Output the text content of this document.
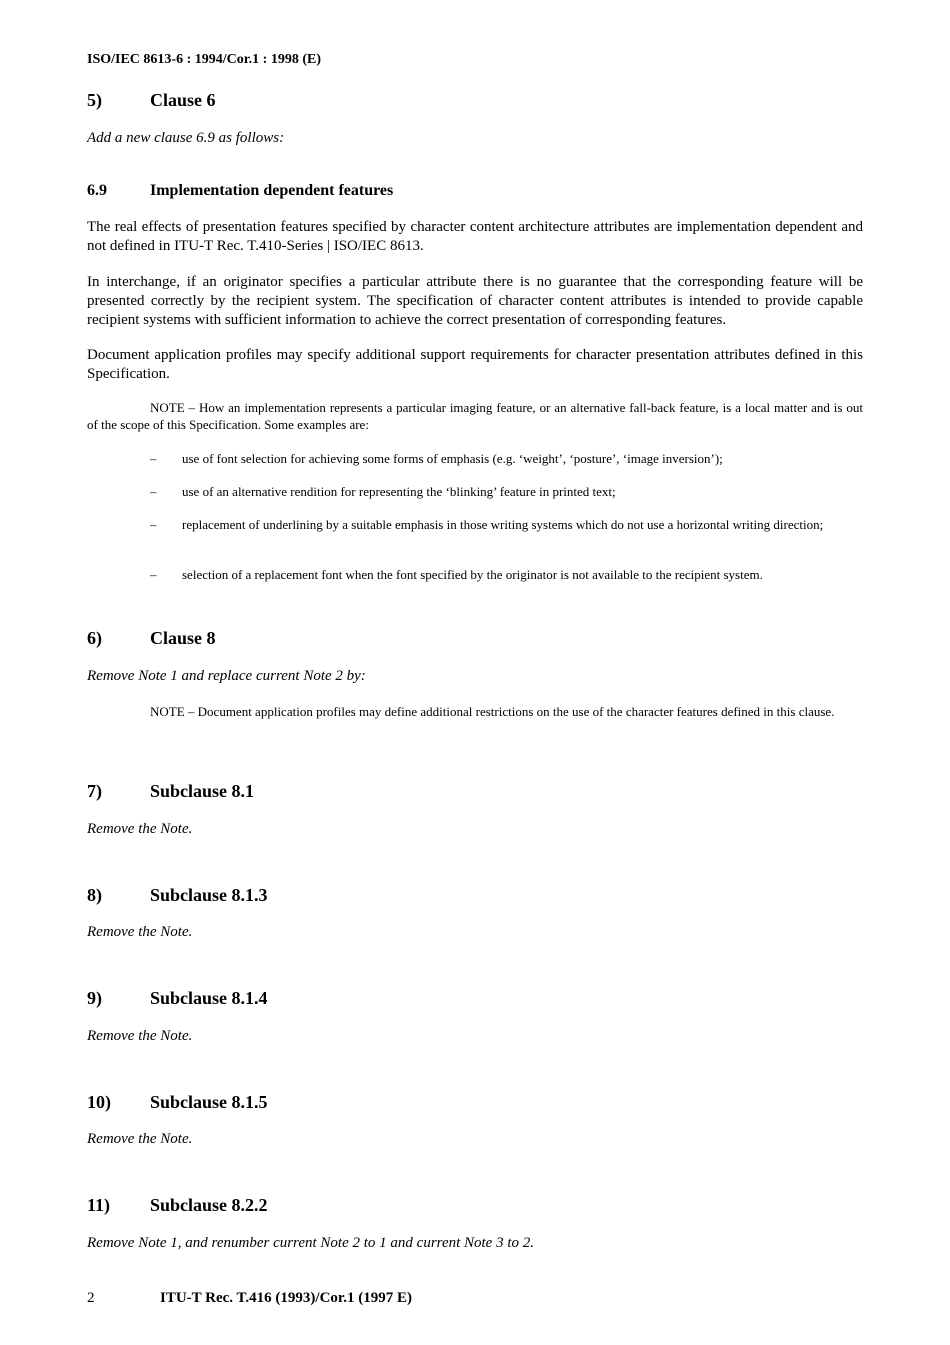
ISO/IEC 8613-6 : 1994/Cor.1 : 1998 (E)
5)	Clause 6
Add a new clause 6.9 as follows:
6.9	Implementation dependent features
The real effects of presentation features specified by character content architecture attributes are implementation dependent and not defined in ITU-T Rec. T.410-Series | ISO/IEC 8613.
In interchange, if an originator specifies a particular attribute there is no guarantee that the corresponding feature will be presented correctly by the recipient system. The specification of character content attributes is intended to provide capable recipient systems with sufficient information to achieve the correct presentation of corresponding features.
Document application profiles may specify additional support requirements for character presentation attributes defined in this Specification.
NOTE – How an implementation represents a particular imaging feature, or an alternative fall-back feature, is a local matter and is out of the scope of this Specification. Some examples are:
– use of font selection for achieving some forms of emphasis (e.g. ‘weight’, ‘posture’, ‘image inversion’);
– use of an alternative rendition for representing the ‘blinking’ feature in printed text;
– replacement of underlining by a suitable emphasis in those writing systems which do not use a horizontal writing direction;
– selection of a replacement font when the font specified by the originator is not available to the recipient system.
6)	Clause 8
Remove Note 1 and replace current Note 2 by:
NOTE – Document application profiles may define additional restrictions on the use of the character features defined in this clause.
7)	Subclause 8.1
Remove the Note.
8)	Subclause 8.1.3
Remove the Note.
9)	Subclause 8.1.4
Remove the Note.
10) Subclause 8.1.5
Remove the Note.
11) Subclause 8.2.2
Remove Note 1, and renumber current Note 2 to 1 and current Note 3 to 2.
2	ITU-T Rec. T.416 (1993)/Cor.1 (1997 E)
